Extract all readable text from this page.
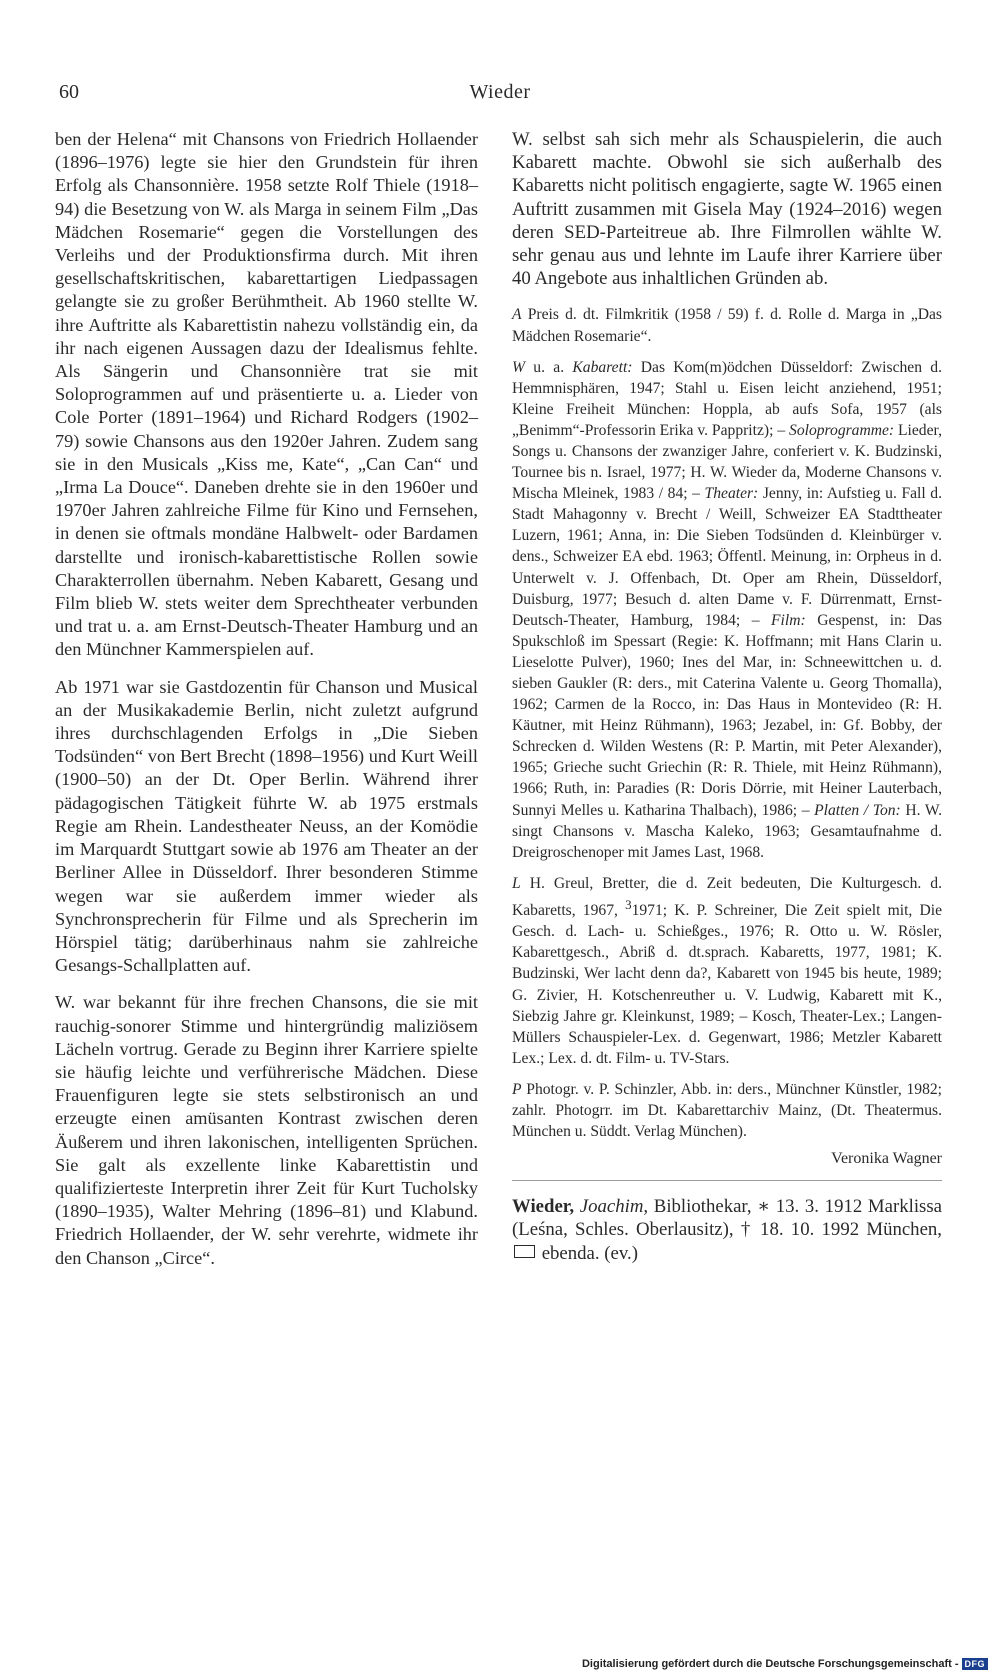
60	Wieder

ben der Helena“ mit Chansons von Friedrich Hollaender (1896–1976) legte sie hier den Grundstein für ihren Erfolg als Chansonnière. 1958 setzte Rolf Thiele (1918–94) die Besetzung von W. als Marga in seinem Film „Das Mädchen Rosemarie“ gegen die Vorstellungen des Verleihs und der Produktionsfirma durch. Mit ihren gesellschaftskritischen, kabarettartigen Liedpassagen gelangte sie zu großer Berühmtheit. Ab 1960 stellte W. ihre Auftritte als Kabarettistin nahezu vollständig ein, da ihr nach eigenen Aussagen dazu der Idealismus fehlte. Als Sängerin und Chansonnière trat sie mit Soloprogrammen auf und präsentierte u. a. Lieder von Cole Porter (1891–1964) und Richard Rodgers (1902–79) sowie Chansons aus den 1920er Jahren. Zudem sang sie in den Musicals „Kiss me, Kate“, „Can Can“ und „Irma La Douce“. Daneben drehte sie in den 1960er und 1970er Jahren zahlreiche Filme für Kino und Fernsehen, in denen sie oftmals mondäne Halbwelt- oder Bardamen darstellte und ironisch-kabarettistische Rollen sowie Charakterrollen übernahm. Neben Kabarett, Gesang und Film blieb W. stets weiter dem Sprechtheater verbunden und trat u. a. am Ernst-Deutsch-Theater Hamburg und an den Münchner Kammerspielen auf.

Ab 1971 war sie Gastdozentin für Chanson und Musical an der Musikakademie Berlin, nicht zuletzt aufgrund ihres durchschlagenden Erfolgs in „Die Sieben Todsünden“ von Bert Brecht (1898–1956) und Kurt Weill (1900–50) an der Dt. Oper Berlin. Während ihrer pädagogischen Tätigkeit führte W. ab 1975 erstmals Regie am Rhein. Landestheater Neuss, an der Komödie im Marquardt Stuttgart sowie ab 1976 am Theater an der Berliner Allee in Düsseldorf. Ihrer besonderen Stimme wegen war sie außerdem immer wieder als Synchronsprecherin für Filme und als Sprecherin im Hörspiel tätig; darüberhinaus nahm sie zahlreiche Gesangs-Schallplatten auf.

W. war bekannt für ihre frechen Chansons, die sie mit rauchig-sonorer Stimme und hintergründig maliziösem Lächeln vortrug. Gerade zu Beginn ihrer Karriere spielte sie häufig leichte und verführerische Mädchen. Diese Frauenfiguren legte sie stets selbstironisch an und erzeugte einen amüsanten Kontrast zwischen deren Äußerem und ihren lakonischen, intelligenten Sprüchen. Sie galt als exzellente linke Kabarettistin und qualifizierteste Interpretin ihrer Zeit für Kurt Tucholsky (1890–1935), Walter Mehring (1896–81) und Klabund. Friedrich Hollaender, der W. sehr verehrte, widmete ihr den Chanson „Circe“.

W. selbst sah sich mehr als Schauspielerin, die auch Kabarett machte. Obwohl sie sich außerhalb des Kabaretts nicht politisch engagierte, sagte W. 1965 einen Auftritt zusammen mit Gisela May (1924–2016) wegen deren SED-Parteitreue ab. Ihre Filmrollen wählte W. sehr genau aus und lehnte im Laufe ihrer Karriere über 40 Angebote aus inhaltlichen Gründen ab.

A Preis d. dt. Filmkritik (1958 / 59) f. d. Rolle d. Marga in „Das Mädchen Rosemarie“.

W u. a. Kabarett: Das Kom(m)ödchen Düsseldorf: Zwischen d. Hemmnisphären, 1947; Stahl u. Eisen leicht anziehend, 1951; Kleine Freiheit München: Hoppla, ab aufs Sofa, 1957 (als „Benimm“-Professorin Erika v. Pappritz); – Soloprogramme: Lieder, Songs u. Chansons der zwanziger Jahre, conferiert v. K. Budzinski, Tournee bis n. Israel, 1977; H. W. Wieder da, Moderne Chansons v. Mischa Mleinek, 1983 / 84; – Theater: Jenny, in: Aufstieg u. Fall d. Stadt Mahagonny v. Brecht / Weill, Schweizer EA Stadttheater Luzern, 1961; Anna, in: Die Sieben Todsünden d. Kleinbürger v. dens., Schweizer EA ebd. 1963; Öffentl. Meinung, in: Orpheus in d. Unterwelt v. J. Offenbach, Dt. Oper am Rhein, Düsseldorf, Duisburg, 1977; Besuch d. alten Dame v. F. Dürrenmatt, Ernst-Deutsch-Theater, Hamburg, 1984; – Film: Gespenst, in: Das Spukschloß im Spessart (Regie: K. Hoffmann; mit Hans Clarin u. Lieselotte Pulver), 1960; Ines del Mar, in: Schneewittchen u. d. sieben Gaukler (R: ders., mit Caterina Valente u. Georg Thomalla), 1962; Carmen de la Rocco, in: Das Haus in Montevideo (R: H. Käutner, mit Heinz Rühmann), 1963; Jezabel, in: Gf. Bobby, der Schrecken d. Wilden Westens (R: P. Martin, mit Peter Alexander), 1965; Grieche sucht Griechin (R: R. Thiele, mit Heinz Rühmann), 1966; Ruth, in: Paradies (R: Doris Dörrie, mit Heiner Lauterbach, Sunnyi Melles u. Katharina Thalbach), 1986; – Platten / Ton: H. W. singt Chansons v. Mascha Kaleko, 1963; Gesamtaufnahme d. Dreigroschenoper mit James Last, 1968.

L H. Greul, Bretter, die d. Zeit bedeuten, Die Kulturgesch. d. Kabaretts, 1967, $^3$1971; K. P. Schreiner, Die Zeit spielt mit, Die Gesch. d. Lach- u. Schießges., 1976; R. Otto u. W. Rösler, Kabarettgesch., Abriß d. dt.sprach. Kabaretts, 1977, 1981; K. Budzinski, Wer lacht denn da?, Kabarett von 1945 bis heute, 1989; G. Zivier, H. Kotschenreuther u. V. Ludwig, Kabarett mit K., Siebzig Jahre gr. Kleinkunst, 1989; – Kosch, Theater-Lex.; Langen-Müllers Schauspieler-Lex. d. Gegenwart, 1986; Metzler Kabarett Lex.; Lex. d. dt. Film- u. TV-Stars.

P Photogr. v. P. Schinzler, Abb. in: ders., Münchner Künstler, 1982; zahlr. Photogrr. im Dt. Kabarettarchiv Mainz, (Dt. Theatermus. München u. Süddt. Verlag München).

Veronika Wagner

Wieder, Joachim, Bibliothekar, ∗ 13. 3. 1912 Marklissa (Leśna, Schles. Oberlausitz), † 18. 10. 1992 München,  ebenda. (ev.)

Digitalisierung gefördert durch die Deutsche Forschungsgemeinschaft - DFG
